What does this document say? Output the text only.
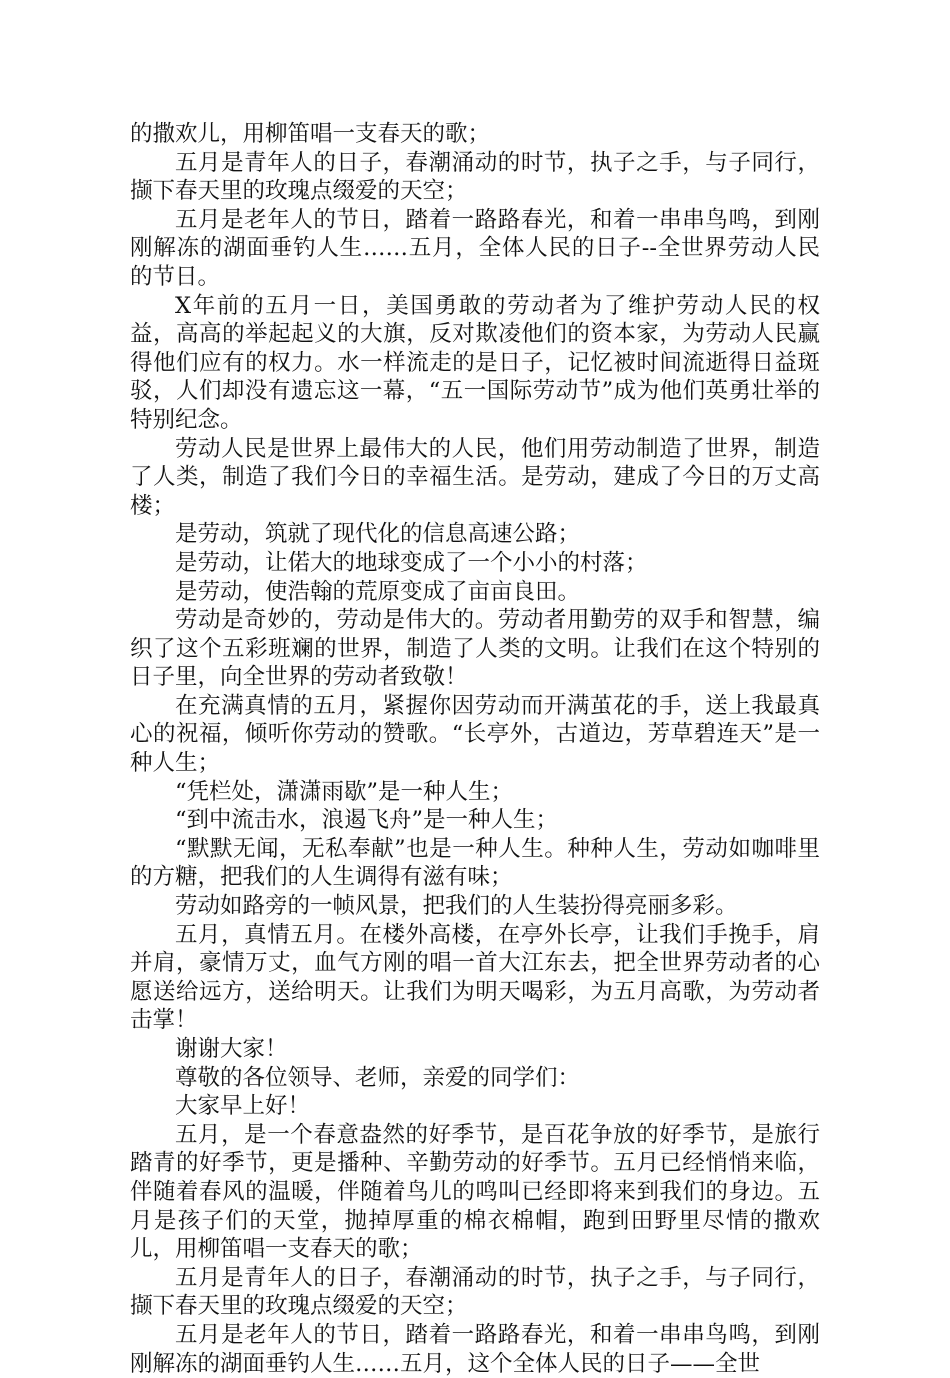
的撒欢儿，用柳笛唱一支春天的歌；

五月是青年人的日子，春潮涌动的时节，执子之手，与子同行，撷下春天里的玫瑰点缀爱的天空；

五月是老年人的节日，踏着一路路春光，和着一串串鸟鸣，到刚刚解冻的湖面垂钓人生……五月，全体人民的日子--全世界劳动人民的节日。

X年前的五月一日，美国勇敢的劳动者为了维护劳动人民的权益，高高的举起起义的大旗，反对欺凌他们的资本家，为劳动人民赢得他们应有的权力。水一样流走的是日子，记忆被时间流逝得日益斑驳，人们却没有遗忘这一幕，“五一国际劳动节”成为他们英勇壮举的特别纪念。

劳动人民是世界上最伟大的人民，他们用劳动制造了世界，制造了人类，制造了我们今日的幸福生活。是劳动，建成了今日的万丈高楼；

是劳动，筑就了现代化的信息高速公路；

是劳动，让偌大的地球变成了一个小小的村落；

是劳动，使浩翰的荒原变成了亩亩良田。

劳动是奇妙的，劳动是伟大的。劳动者用勤劳的双手和智慧，编织了这个五彩班斓的世界，制造了人类的文明。让我们在这个特别的日子里，向全世界的劳动者致敬！

在充满真情的五月，紧握你因劳动而开满茧花的手，送上我最真心的祝福，倾听你劳动的赞歌。“长亭外，古道边，芳草碧连天”是一种人生；

“凭栏处，潇潇雨歇”是一种人生；

“到中流击水，浪遏飞舟”是一种人生；

“默默无闻，无私奉献”也是一种人生。种种人生，劳动如咖啡里的方糖，把我们的人生调得有滋有味；

劳动如路旁的一帧风景，把我们的人生装扮得亮丽多彩。

五月，真情五月。在楼外高楼，在亭外长亭，让我们手挽手，肩并肩，豪情万丈，血气方刚的唱一首大江东去，把全世界劳动者的心愿送给远方，送给明天。让我们为明天喝彩，为五月高歌，为劳动者击掌！

谢谢大家！

尊敬的各位领导、老师，亲爱的同学们：

大家早上好！

五月，是一个春意盎然的好季节，是百花争放的好季节，是旅行踏青的好季节，更是播种、辛勤劳动的好季节。五月已经悄悄来临，伴随着春风的温暖，伴随着鸟儿的鸣叫已经即将来到我们的身边。五月是孩子们的天堂，抛掉厚重的棉衣棉帽，跑到田野里尽情的撒欢儿，用柳笛唱一支春天的歌；

五月是青年人的日子，春潮涌动的时节，执子之手，与子同行，撷下春天里的玫瑰点缀爱的天空；

五月是老年人的节日，踏着一路路春光，和着一串串鸟鸣，到刚刚解冻的湖面垂钓人生……五月，这个全体人民的日子——全世
